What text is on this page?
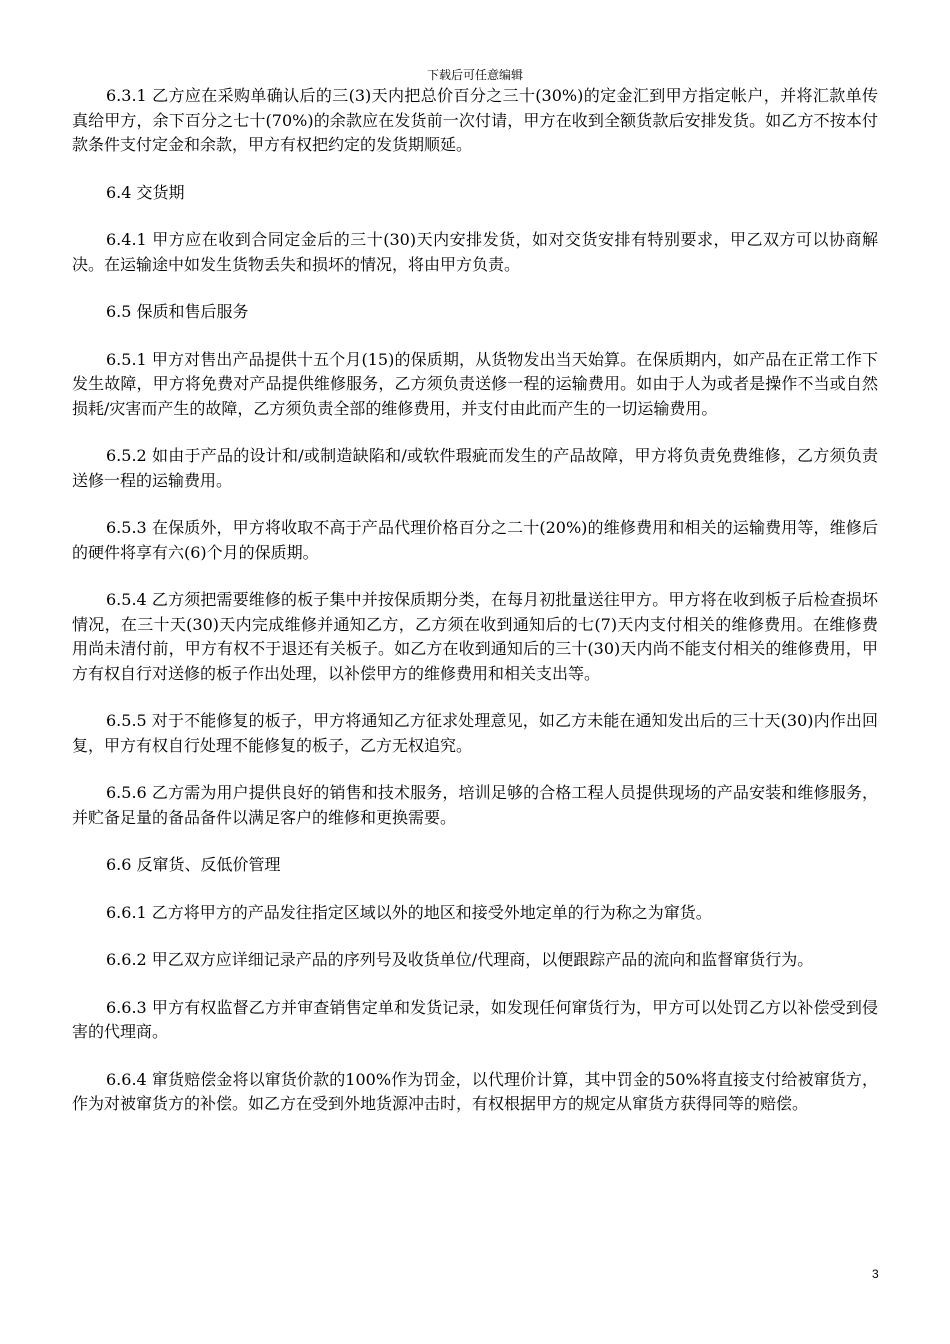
下载后可任意编辑

6.3.1 乙方应在采购单确认后的三(3)天内把总价百分之三十(30%)的定金汇到甲方指定帐户，并将汇款单传真给甲方，余下百分之七十(70%)的余款应在发货前一次付请，甲方在收到全额货款后安排发货。如乙方不按本付款条件支付定金和余款，甲方有权把约定的发货期顺延。

6.4 交货期

6.4.1 甲方应在收到合同定金后的三十(30)天内安排发货，如对交货安排有特别要求，甲乙双方可以协商解决。在运输途中如发生货物丢失和损坏的情况，将由甲方负责。

6.5 保质和售后服务

6.5.1 甲方对售出产品提供十五个月(15)的保质期，从货物发出当天始算。在保质期内，如产品在正常工作下发生故障，甲方将免费对产品提供维修服务，乙方须负责送修一程的运输费用。如由于人为或者是操作不当或自然损耗/灾害而产生的故障，乙方须负责全部的维修费用，并支付由此而产生的一切运输费用。

6.5.2 如由于产品的设计和/或制造缺陷和/或软件瑕疵而发生的产品故障，甲方将负责免费维修，乙方须负责送修一程的运输费用。

6.5.3 在保质外，甲方将收取不高于产品代理价格百分之二十(20%)的维修费用和相关的运输费用等，维修后的硬件将享有六(6)个月的保质期。

6.5.4 乙方须把需要维修的板子集中并按保质期分类，在每月初批量送往甲方。甲方将在收到板子后检查损坏情况，在三十天(30)天内完成维修并通知乙方，乙方须在收到通知后的七(7)天内支付相关的维修费用。在维修费用尚未清付前，甲方有权不于退还有关板子。如乙方在收到通知后的三十(30)天内尚不能支付相关的维修费用，甲方有权自行对送修的板子作出处理，以补偿甲方的维修费用和相关支出等。

6.5.5 对于不能修复的板子，甲方将通知乙方征求处理意见，如乙方未能在通知发出后的三十天(30)内作出回复，甲方有权自行处理不能修复的板子，乙方无权追究。

6.5.6 乙方需为用户提供良好的销售和技术服务，培训足够的合格工程人员提供现场的产品安装和维修服务，并贮备足量的备品备件以满足客户的维修和更换需要。

6.6 反窜货、反低价管理

6.6.1 乙方将甲方的产品发往指定区域以外的地区和接受外地定单的行为称之为窜货。

6.6.2 甲乙双方应详细记录产品的序列号及收货单位/代理商，以便跟踪产品的流向和监督窜货行为。

6.6.3 甲方有权监督乙方并审查销售定单和发货记录，如发现任何窜货行为，甲方可以处罚乙方以补偿受到侵害的代理商。

6.6.4 窜货赔偿金将以窜货价款的100%作为罚金，以代理价计算，其中罚金的50%将直接支付给被窜货方，作为对被窜货方的补偿。如乙方在受到外地货源冲击时，有权根据甲方的规定从窜货方获得同等的赔偿。

3
